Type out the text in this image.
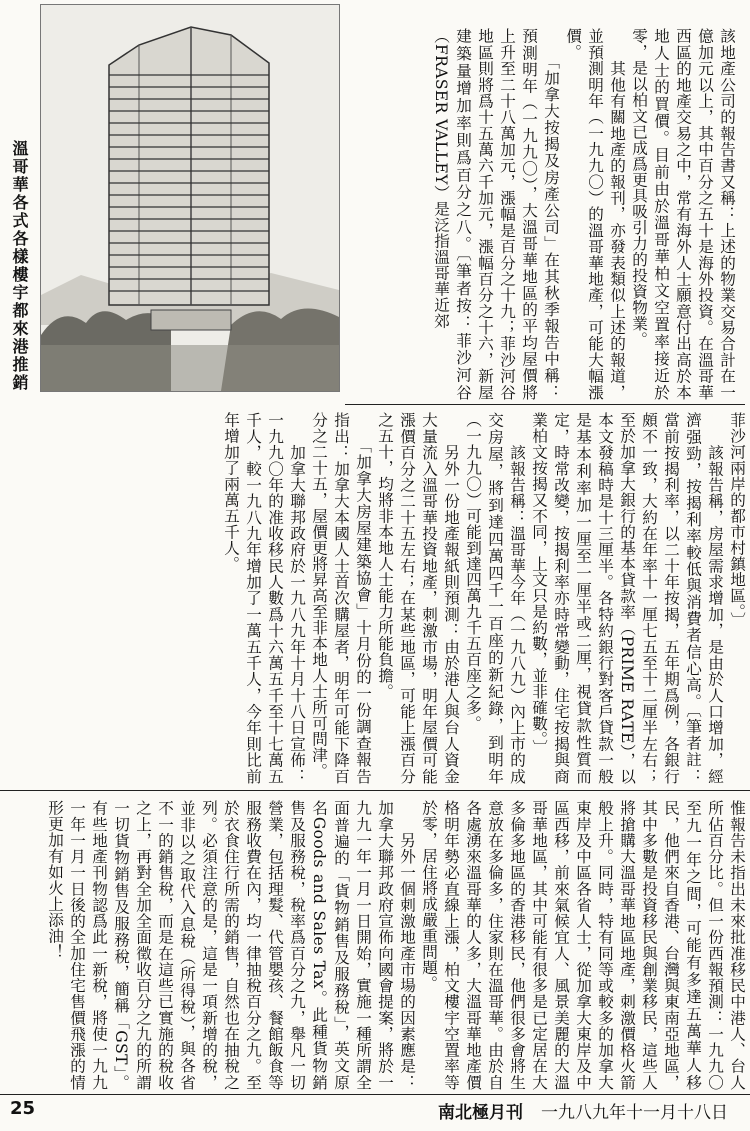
溫哥華各式各樣樓宇都來港推銷	該地產公司的報告書又稱：上述的物業交易合計在一億加元以上，其中百分之五十是海外投資。在溫哥華西區的地產交易之中，常有海外人士願意付出高於本地人士的買價。目前由於溫哥華柏文空置率接近於零，是以柏文已成爲更具吸引力的投資物業。
　　其他有關地產的報刊，亦發表類似上述的報道，並預測明年（一九九〇）的溫哥華地產，可能大幅漲價。
　　「加拿大按揭及房產公司」在其秋季報告中稱：預測明年（一九九〇），大溫哥華地區的平均屋價將上升至二十八萬加元，漲幅是百分之十九；菲沙河谷地區則將爲十五萬六千加元，漲幅百分之十六，新屋建築量增加率則爲百分之八。〔筆者按：菲沙河谷（FRASER VALLEY）是泛指溫哥華近郊
菲沙河兩岸的都市村鎮地區。〕
　　該報告稱，房屋需求增加，是由於人口增加，經濟强勁，按揭利率較低與消費者信心高。〔筆者註：當前按揭利率，以二十年按揭，五年期爲例，各銀行頗不一致，大約在年率十一厘七五至十二厘半左右；至於加拿大銀行的基本貸款率（PRIME RATE），以本文發稿時是十三厘半。各特約銀行對客戶貸款一般是基本利率加一厘至一厘半或二厘，視貸款性質而定，時常改變，按揭利率亦時常變動，住宅按揭與商業柏文按揭又不同，上文只是約數，並非確數。〕
　　該報告稱：溫哥華今年（一九八九）內上市的成交房屋，將到達四萬四千一百座的新紀錄，到明年（一九九〇）可能到達四萬九千五百座之多。
　　另外一份地產報紙則預測：由於港人與台人資金大量流入溫哥華投資地產，刺激市場，明年屋價可能漲價百分之二十五左右；在某些地區，可能上漲百分之五十，均將非本地人士能力所能負擔。
　　「加拿大房屋建築協會」十月份的一份調查報告指出：加拿大本國人士首次購屋者，明年可能下降百分之二十五，屋價更將昇高至非本地人士所可問津。
　　加拿大聯邦政府於一九八九年十月十八日宣佈：一九九〇年的准收移民人數爲十六萬五千至十七萬五千人，較一九八九年增加了一萬五千人，今年則比前年增加了兩萬五千人。
惟報告未指出未來批准移民中港人、台人所佔百分比。但一份西報預測：一九九〇至九一年之間，可能有多達五萬華人移民，他們來自香港、台灣與東南亞地區，其中多數是投資移民與創業移民，這些人將搶購大溫哥華地區地產，刺激價格火箭般上升。同時，特有同等或較多的加拿大東岸及中區各省人士，從加拿大東岸及中區西移，前來氣候宜人、風景美麗的大溫哥華地區，其中可能有很多是已定居在大多倫多地區的香港移民，他們很多會將生意放在多倫多，住家則在溫哥華。由於自各處湧來溫哥華的人多，大溫哥華地產價格明年勢必直線上漲，柏文樓宇空置率等於零，居住將成嚴重問題。
　　另外一個刺激地產市場的因素應是：加拿大聯邦政府宣佈向國會提案，將於一九九一年一月一日開始，實施一種所謂全面普遍的「貨物銷售及服務稅」，英文原名Goods and Sales Tax。此種貨物銷售及服務稅，稅率爲百分之九，舉凡一切營業，包括理髮、代管嬰孩、餐館飯食等服務收費在內，均一律抽稅百分之九。至於衣食住行所需的銷售，自然也在抽稅之列。必須注意的是，這是一項新增的稅，並非以之取代入息稅（所得稅），與各省不一的銷售稅，而是在這些已實施的稅收之上，再對全加全面徵收百分之九的所謂一切貨物銷售及服務稅，簡稱「GST」。有些地產刊物認爲此一新稅，將使一九九一年一月一日後的全加住宅售價飛漲的情形更加有如火上添油！
25	南北極月刊 一九八九年十一月十八日
